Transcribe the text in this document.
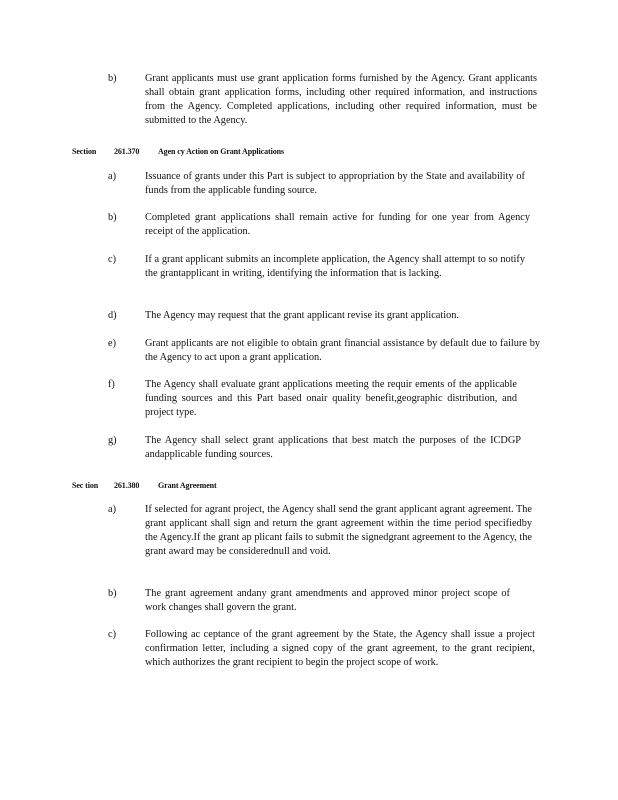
b)	Grant applicants must use grant application forms furnished by the Agency. Grant applicants shall obtain grant application forms, including other required information, and instructions from the Agency. Completed applications, including other required information, must be submitted to the Agency.
Section 261.370 Agen cy Action on Grant Applications
a)	Issuance of grants under this Part is subject to appropriation by the State and availability of funds from the applicable funding source.
b)	Completed grant applications shall remain active for funding for one year from Agency receipt of the application.
c)	If a grant applicant submits an incomplete application, the Agency shall attempt to so notify the grantapplicant in writing, identifying the information that is lacking.
d)	The Agency may request that the grant applicant revise its grant application.
e)	Grant applicants are not eligible to obtain grant financial assistance by default due to failure by the Agency to act upon a grant application.
f)	The Agency shall evaluate grant applications meeting the requir ements of the applicable funding sources and this Part based onair quality benefit,geographic distribution, and project type.
g)	The Agency shall select grant applications that best match the purposes of the ICDGP andapplicable funding sources.
Sec tion 261.380 Grant Agreement
a)	If selected for agrant project, the Agency shall send the grant applicant agrant agreement. The grant applicant shall sign and return the grant agreement within the time period specifiedby the Agency.If the grant ap plicant fails to submit the signedgrant agreement to the Agency, the grant award may be considerednull and void.
b)	The grant agreement andany grant amendments and approved minor project scope of work changes shall govern the grant.
c)	Following ac ceptance of the grant agreement by the State, the Agency shall issue a project confirmation letter, including a signed copy of the grant agreement, to the grant recipient, which authorizes the grant recipient to begin the project scope of work.
